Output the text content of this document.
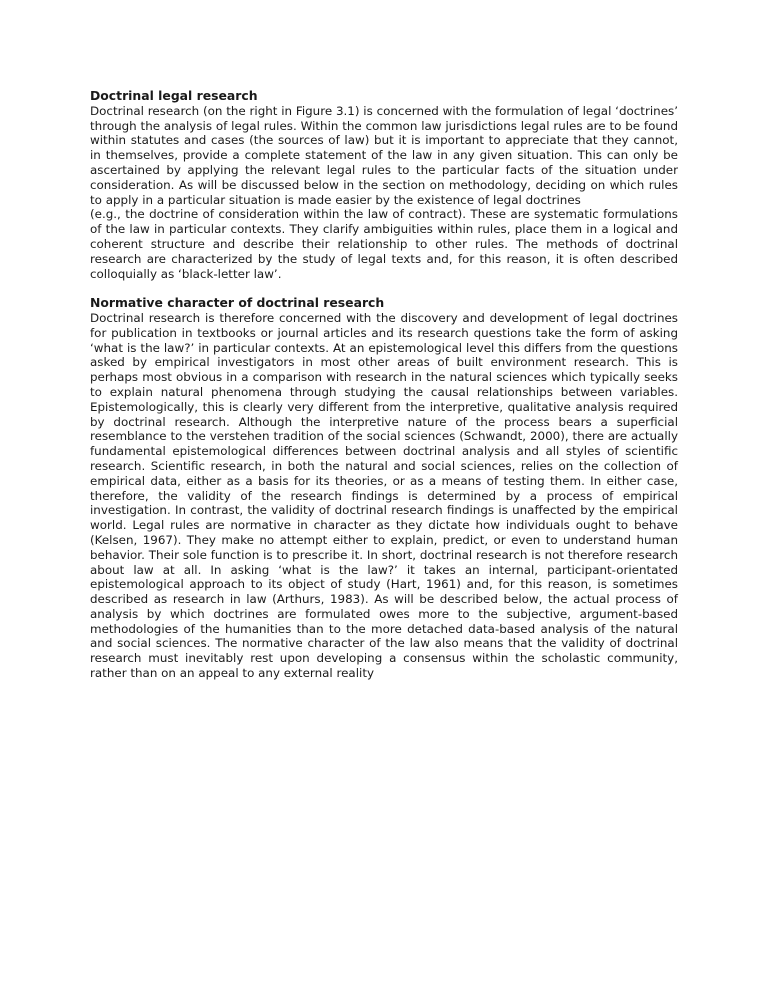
Doctrinal legal research

Doctrinal research (on the right in Figure 3.1) is concerned with the formulation of legal ‘doctrines’ through the analysis of legal rules. Within the common law jurisdictions legal rules are to be found within statutes and cases (the sources of law) but it is important to appreciate that they cannot, in themselves, provide a complete statement of the law in any given situation. This can only be ascertained by applying the relevant legal rules to the particular facts of the situation under consideration. As will be discussed below in the section on methodology, deciding on which rules to apply in a particular situation is made easier by the existence of legal doctrines

(e.g., the doctrine of consideration within the law of contract). These are systematic formulations of the law in particular contexts. They clarify ambiguities within rules, place them in a logical and coherent structure and describe their relationship to other rules. The methods of doctrinal research are characterized by the study of legal texts and, for this reason, it is often described colloquially as ‘black-letter law’.

Normative character of doctrinal research

Doctrinal research is therefore concerned with the discovery and development of legal doctrines for publication in textbooks or journal articles and its research questions take the form of asking ‘what is the law?’ in particular contexts. At an epistemological level this differs from the questions asked by empirical investigators in most other areas of built environment research. This is perhaps most obvious in a comparison with research in the natural sciences which typically seeks to explain natural phenomena through studying the causal relationships between variables. Epistemologically, this is clearly very different from the interpretive, qualitative analysis required by doctrinal research. Although the interpretive nature of the process bears a superficial resemblance to the verstehen tradition of the social sciences (Schwandt, 2000), there are actually fundamental epistemological differences between doctrinal analysis and all styles of scientific research. Scientific research, in both the natural and social sciences, relies on the collection of empirical data, either as a basis for its theories, or as a means of testing them. In either case, therefore, the validity of the research findings is determined by a process of empirical investigation. In contrast, the validity of doctrinal research findings is unaffected by the empirical world. Legal rules are normative in character as they dictate how individuals ought to behave (Kelsen, 1967). They make no attempt either to explain, predict, or even to understand human behavior. Their sole function is to prescribe it. In short, doctrinal research is not therefore research about law at all. In asking ‘what is the law?’ it takes an internal, participant-orientated epistemological approach to its object of study (Hart, 1961) and, for this reason, is sometimes described as research in law (Arthurs, 1983). As will be described below, the actual process of analysis by which doctrines are formulated owes more to the subjective, argument-based methodologies of the humanities than to the more detached data-based analysis of the natural and social sciences. The normative character of the law also means that the validity of doctrinal research must inevitably rest upon developing a consensus within the scholastic community, rather than on an appeal to any external reality
